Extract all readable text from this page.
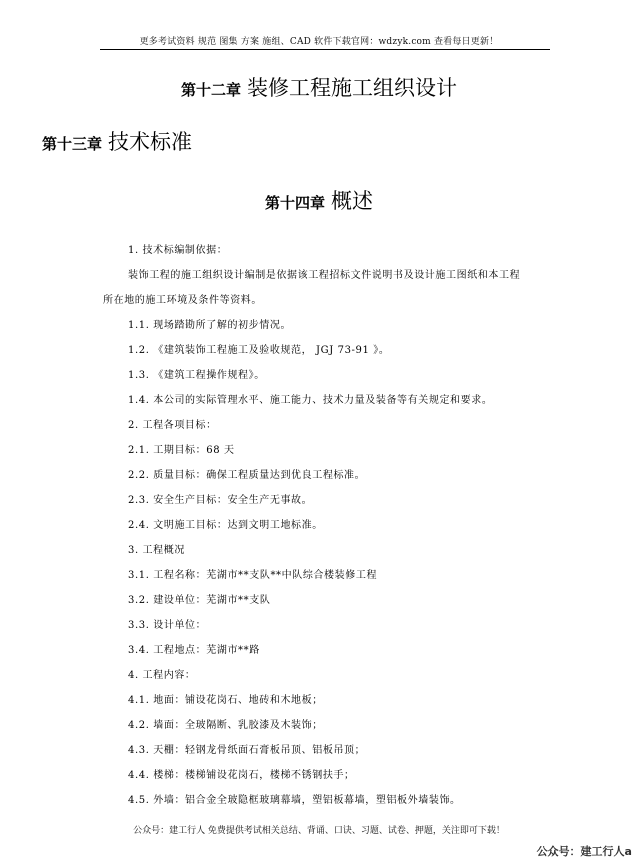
更多考试资料 规范 图集 方案 施组、CAD 软件下载官网：wdzyk.com 查看每日更新！
第十二章 装修工程施工组织设计
第十三章 技术标准
第十四章 概述
1. 技术标编制依据：
装饰工程的施工组织设计编制是依据该工程招标文件说明书及设计施工图纸和本工程
所在地的施工环境及条件等资料。
1.1. 现场踏勘所了解的初步情况。
1.2. 《建筑装饰工程施工及验收规范， JGJ 73-91 》。
1.3. 《建筑工程操作规程》。
1.4. 本公司的实际管理水平、施工能力、技术力量及装备等有关规定和要求。
2. 工程各项目标：
2.1. 工期目标：68 天
2.2. 质量目标：确保工程质量达到优良工程标准。
2.3. 安全生产目标：安全生产无事故。
2.4. 文明施工目标：达到文明工地标准。
3. 工程概况
3.1. 工程名称：芜湖市**支队**中队综合楼装修工程
3.2. 建设单位：芜湖市**支队
3.3. 设计单位：
3.4. 工程地点：芜湖市**路
4. 工程内容：
4.1. 地面：铺设花岗石、地砖和木地板；
4.2. 墙面：全玻隔断、乳胶漆及木装饰；
4.3. 天棚：轻钢龙骨纸面石膏板吊顶、铝板吊顶；
4.4. 楼梯：楼梯铺设花岗石，楼梯不锈钢扶手；
4.5. 外墙：铝合金全玻隐框玻璃幕墙，塑铝板幕墙，塑铝板外墙装饰。
公众号：建工行人 免费提供考试相关总结、背诵、口诀、习题、试卷、押题，关注即可下载！
公众号：建工行人a
